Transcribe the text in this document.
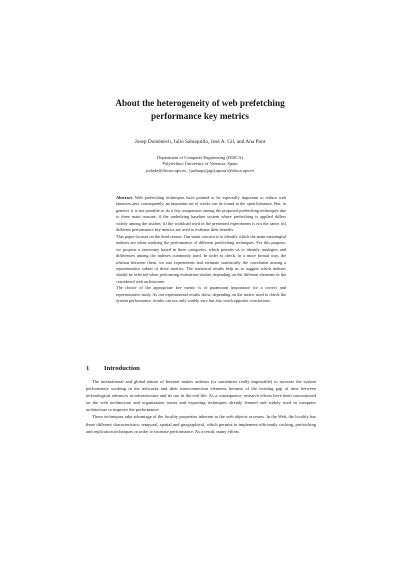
About the heterogeneity of web prefetching
performance key metrics
Josep Domènech, Julio Sahuquillo, José A. Gil, and Ana Pont
Department of Computer Engineering (DISCA)
Polytechnic University of Valencia. Spain
jodode@doctor.upv.es, {jsahuqui,jagil,apont}@disca.upv.es

Abstract. Web prefetching techniques have pointed to be especially important to reduce web latencies and, consequently, an important set of works can be found in the open literature. But, in general, it is not possible to do a fair comparison among the proposed prefetching techniques due to three main reasons: i) the underlying baseline system where prefetching is applied differs widely among the studies; ii) the workload used in the presented experiments is not the same; iii) different performance key metrics are used to evaluate their benefits.

This paper focuses on the third reason. Our main concern is to identify which the main meaningful indexes are when studying the performance of different prefetching techniques. For this purpose, we propose a taxonomy based in three categories, which permits us to identify analogies and differences among the indexes commonly used. In order to check, in a more formal way, the relation between them, we run experiments and estimate statistically the correlation among a representative subset of those metrics. The statistical results help us to suggest which indexes should be selected when performing evaluation studies depending on the different elements in the considered web architecture.

The choice of the appropriate key metric is of paramount importance for a correct and representative study. As our experimental results show, depending on the metric used to check the system performance, results can not only widely vary but also reach opposite conclusions.

1 Introduction

The international and global nature of Internet makes arduous (or sometimes really impossible) to increase the system performance working in the networks and their interconnection elements because of the existing gap of time between technological advances in infrastructure and its use in the real life. As a consequence, research efforts have been concentrated on the web architecture and organization issues and exporting techniques already learned and widely used in computer architecture to improve the performance.

Those techniques take advantage of the locality properties inherent to the web objects accesses. In the Web, the locality has three different characteristics: temporal, spatial and geographical, which permits to implement efficiently caching, prefetching and replication techniques in order to increase performance. As a result, many efforts
